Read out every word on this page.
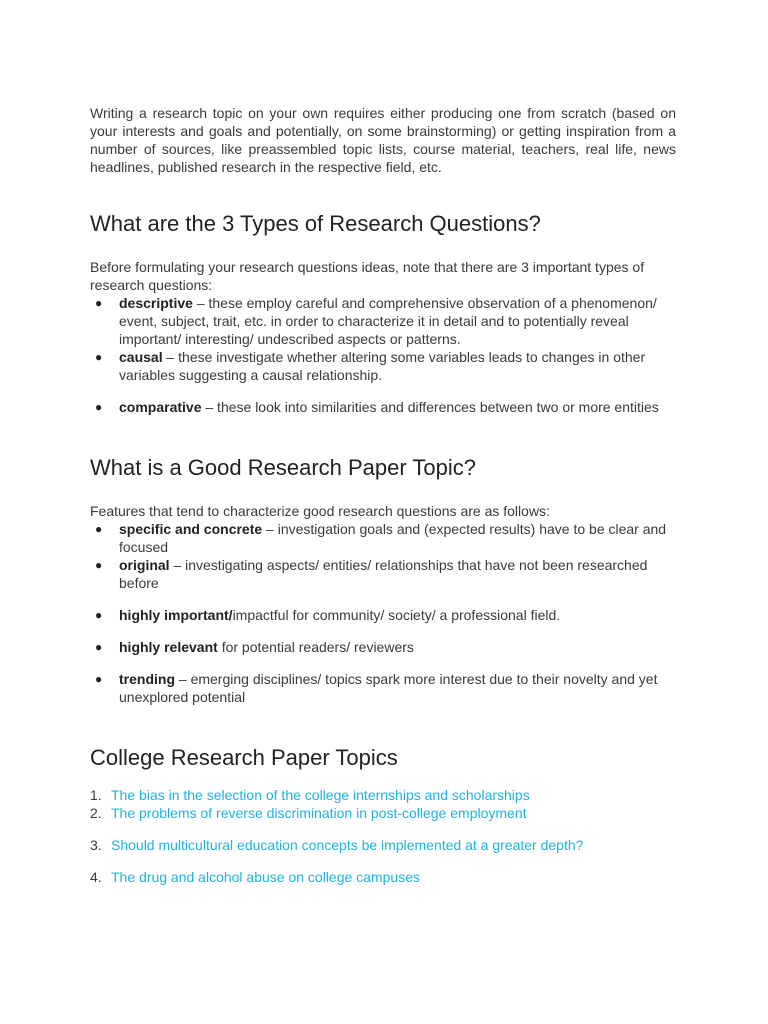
Writing a research topic on your own requires either producing one from scratch (based on your interests and goals and potentially, on some brainstorming) or getting inspiration from a number of sources, like preassembled topic lists, course material, teachers, real life, news headlines, published research in the respective field, etc.

What are the 3 Types of Research Questions?

Before formulating your research questions ideas, note that there are 3 important types of research questions:

● descriptive – these employ careful and comprehensive observation of a phenomenon/ event, subject, trait, etc. in order to characterize it in detail and to potentially reveal important/ interesting/ undescribed aspects or patterns.
● causal – these investigate whether altering some variables leads to changes in other variables suggesting a causal relationship.
● comparative – these look into similarities and differences between two or more entities
What is a Good Research Paper Topic?

Features that tend to characterize good research questions are as follows:

● specific and concrete – investigation goals and (expected results) have to be clear and focused
● original – investigating aspects/ entities/ relationships that have not been researched before
● highly important/impactful for community/ society/ a professional field.
● highly relevant for potential readers/ reviewers
● trending – emerging disciplines/ topics spark more interest due to their novelty and yet unexplored potential
College Research Paper Topics
1. The bias in the selection of the college internships and scholarships
2. The problems of reverse discrimination in post-college employment
3. Should multicultural education concepts be implemented at a greater depth?
4. The drug and alcohol abuse on college campuses
